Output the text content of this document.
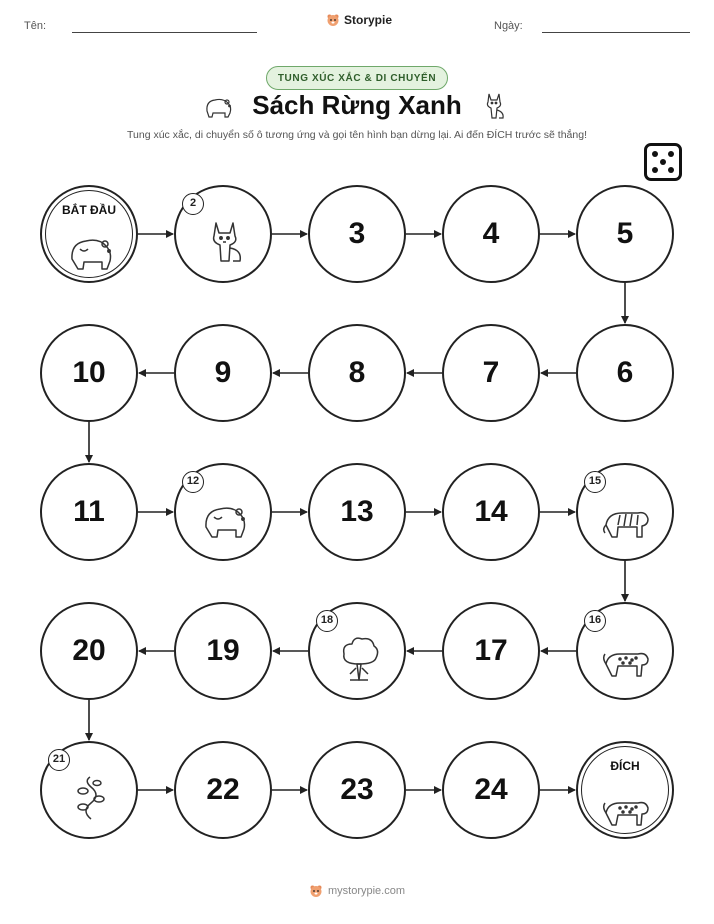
Tên:	Storypie	Ngày:
TUNG XÚC XẮC & DI CHUYỂN
Sách Rừng Xanh
Tung xúc xắc, di chuyển số ô tương ứng và gọi tên hình bạn dừng lại. Ai đến ĐÍCH trước sẽ thắng!
BẮT ĐẦU	2
3	4	5
6
7
8
9
10
11
12
13	14
15
16
17
18
19
20
21
22	23	24
ĐÍCH
mystorypie.com
